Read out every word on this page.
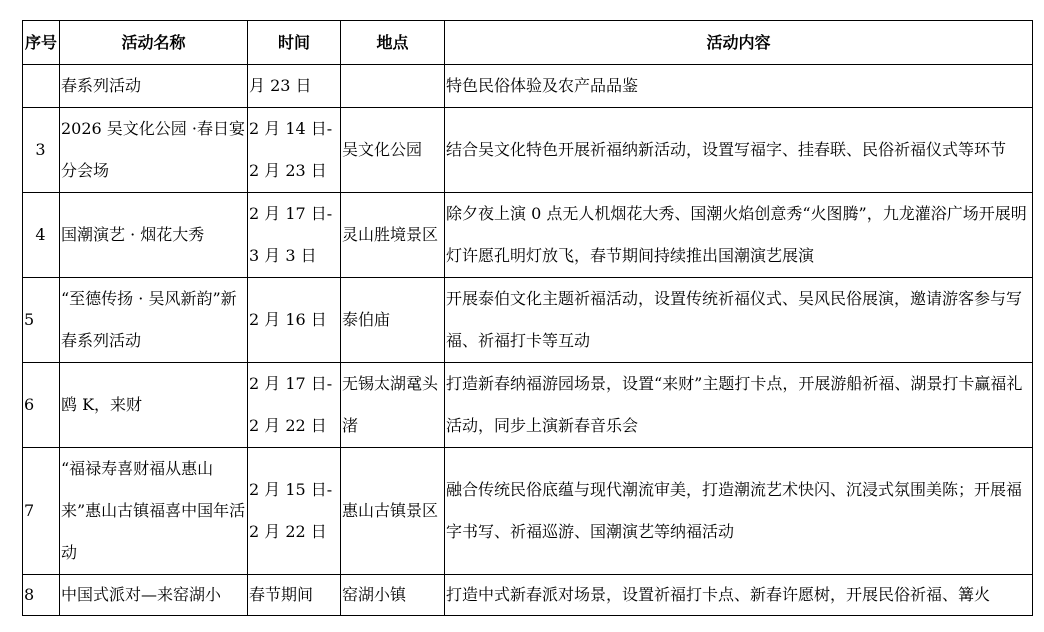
序号	活动名称	时间	地点	活动内容
	春系列活动	月 23 日		特色民俗体验及农产品品鉴
3	2026 吴文化公园 ·春日宴分会场	2 月 14 日-2 月 23 日	吴文化公园	结合吴文化特色开展祈福纳新活动，设置写福字、挂春联、民俗祈福仪式等环节
4	国潮演艺 · 烟花大秀	2 月 17 日-3 月 3 日	灵山胜境景区	除夕夜上演 0 点无人机烟花大秀、国潮火焰创意秀“火图腾”，九龙灌浴广场开展明灯许愿孔明灯放飞，春节期间持续推出国潮演艺展演
5	“至德传扬 · 吴风新韵”新春系列活动	2 月 16 日	泰伯庙	开展泰伯文化主题祈福活动，设置传统祈福仪式、吴风民俗展演，邀请游客参与写福、祈福打卡等互动
6	鸥 K，来财	2 月 17 日-2 月 22 日	无锡太湖鼋头渚	打造新春纳福游园场景，设置“来财”主题打卡点，开展游船祈福、湖景打卡赢福礼活动，同步上演新春音乐会
7	“福禄寿喜财福从惠山来”惠山古镇福喜中国年活动	2 月 15 日-2 月 22 日	惠山古镇景区	融合传统民俗底蕴与现代潮流审美，打造潮流艺术快闪、沉浸式氛围美陈；开展福字书写、祈福巡游、国潮演艺等纳福活动
8	中国式派对—来窑湖小	春节期间	窑湖小镇	打造中式新春派对场景，设置祈福打卡点、新春许愿树，开展民俗祈福、篝火
